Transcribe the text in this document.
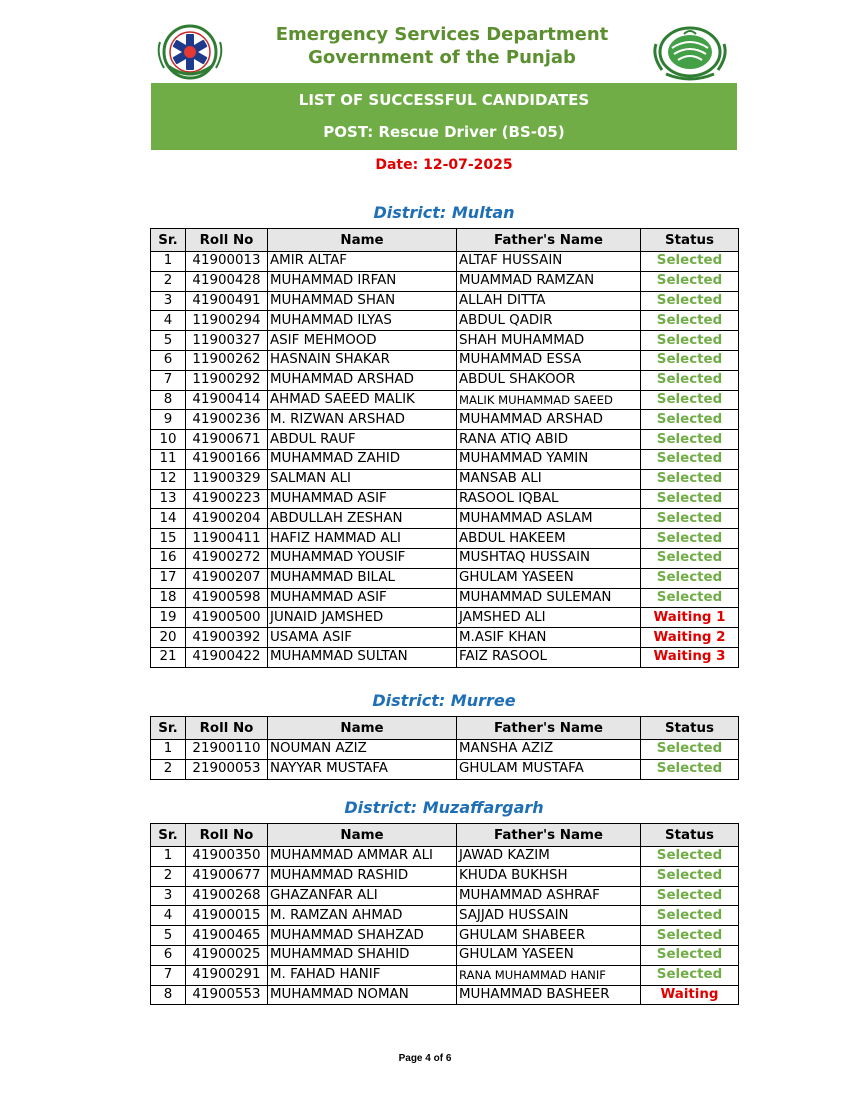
Emergency Services Department
Government of the Punjab
LIST OF SUCCESSFUL CANDIDATES
POST: Rescue Driver (BS-05)
Date: 12-07-2025
District: Multan
Sr.	Roll No	Name	Father's Name	Status
1	41900013	AMIR ALTAF	ALTAF HUSSAIN	Selected
2	41900428	MUHAMMAD IRFAN	MUAMMAD RAMZAN	Selected
3	41900491	MUHAMMAD SHAN	ALLAH DITTA	Selected
4	11900294	MUHAMMAD ILYAS	ABDUL QADIR	Selected
5	11900327	ASIF MEHMOOD	SHAH MUHAMMAD	Selected
6	11900262	HASNAIN SHAKAR	MUHAMMAD ESSA	Selected
7	11900292	MUHAMMAD ARSHAD	ABDUL SHAKOOR	Selected
8	41900414	AHMAD SAEED MALIK	MALIK MUHAMMAD SAEED	Selected
9	41900236	M. RIZWAN ARSHAD	MUHAMMAD ARSHAD	Selected
10	41900671	ABDUL RAUF	RANA ATIQ ABID	Selected
11	41900166	MUHAMMAD ZAHID	MUHAMMAD YAMIN	Selected
12	11900329	SALMAN ALI	MANSAB ALI	Selected
13	41900223	MUHAMMAD ASIF	RASOOL IQBAL	Selected
14	41900204	ABDULLAH ZESHAN	MUHAMMAD ASLAM	Selected
15	11900411	HAFIZ HAMMAD ALI	ABDUL HAKEEM	Selected
16	41900272	MUHAMMAD YOUSIF	MUSHTAQ HUSSAIN	Selected
17	41900207	MUHAMMAD BILAL	GHULAM YASEEN	Selected
18	41900598	MUHAMMAD ASIF	MUHAMMAD SULEMAN	Selected
19	41900500	JUNAID JAMSHED	JAMSHED ALI	Waiting 1
20	41900392	USAMA ASIF	M.ASIF KHAN	Waiting 2
21	41900422	MUHAMMAD SULTAN	FAIZ RASOOL	Waiting 3
District: Murree
Sr.	Roll No	Name	Father's Name	Status
1	21900110	NOUMAN AZIZ	MANSHA AZIZ	Selected
2	21900053	NAYYAR MUSTAFA	GHULAM MUSTAFA	Selected
District: Muzaffargarh
Sr.	Roll No	Name	Father's Name	Status
1	41900350	MUHAMMAD AMMAR ALI	JAWAD KAZIM	Selected
2	41900677	MUHAMMAD RASHID	KHUDA BUKHSH	Selected
3	41900268	GHAZANFAR ALI	MUHAMMAD ASHRAF	Selected
4	41900015	M. RAMZAN AHMAD	SAJJAD HUSSAIN	Selected
5	41900465	MUHAMMAD SHAHZAD	GHULAM SHABEER	Selected
6	41900025	MUHAMMAD SHAHID	GHULAM YASEEN	Selected
7	41900291	M. FAHAD HANIF	RANA MUHAMMAD HANIF	Selected
8	41900553	MUHAMMAD NOMAN	MUHAMMAD BASHEER	Waiting
Page 4 of 6
